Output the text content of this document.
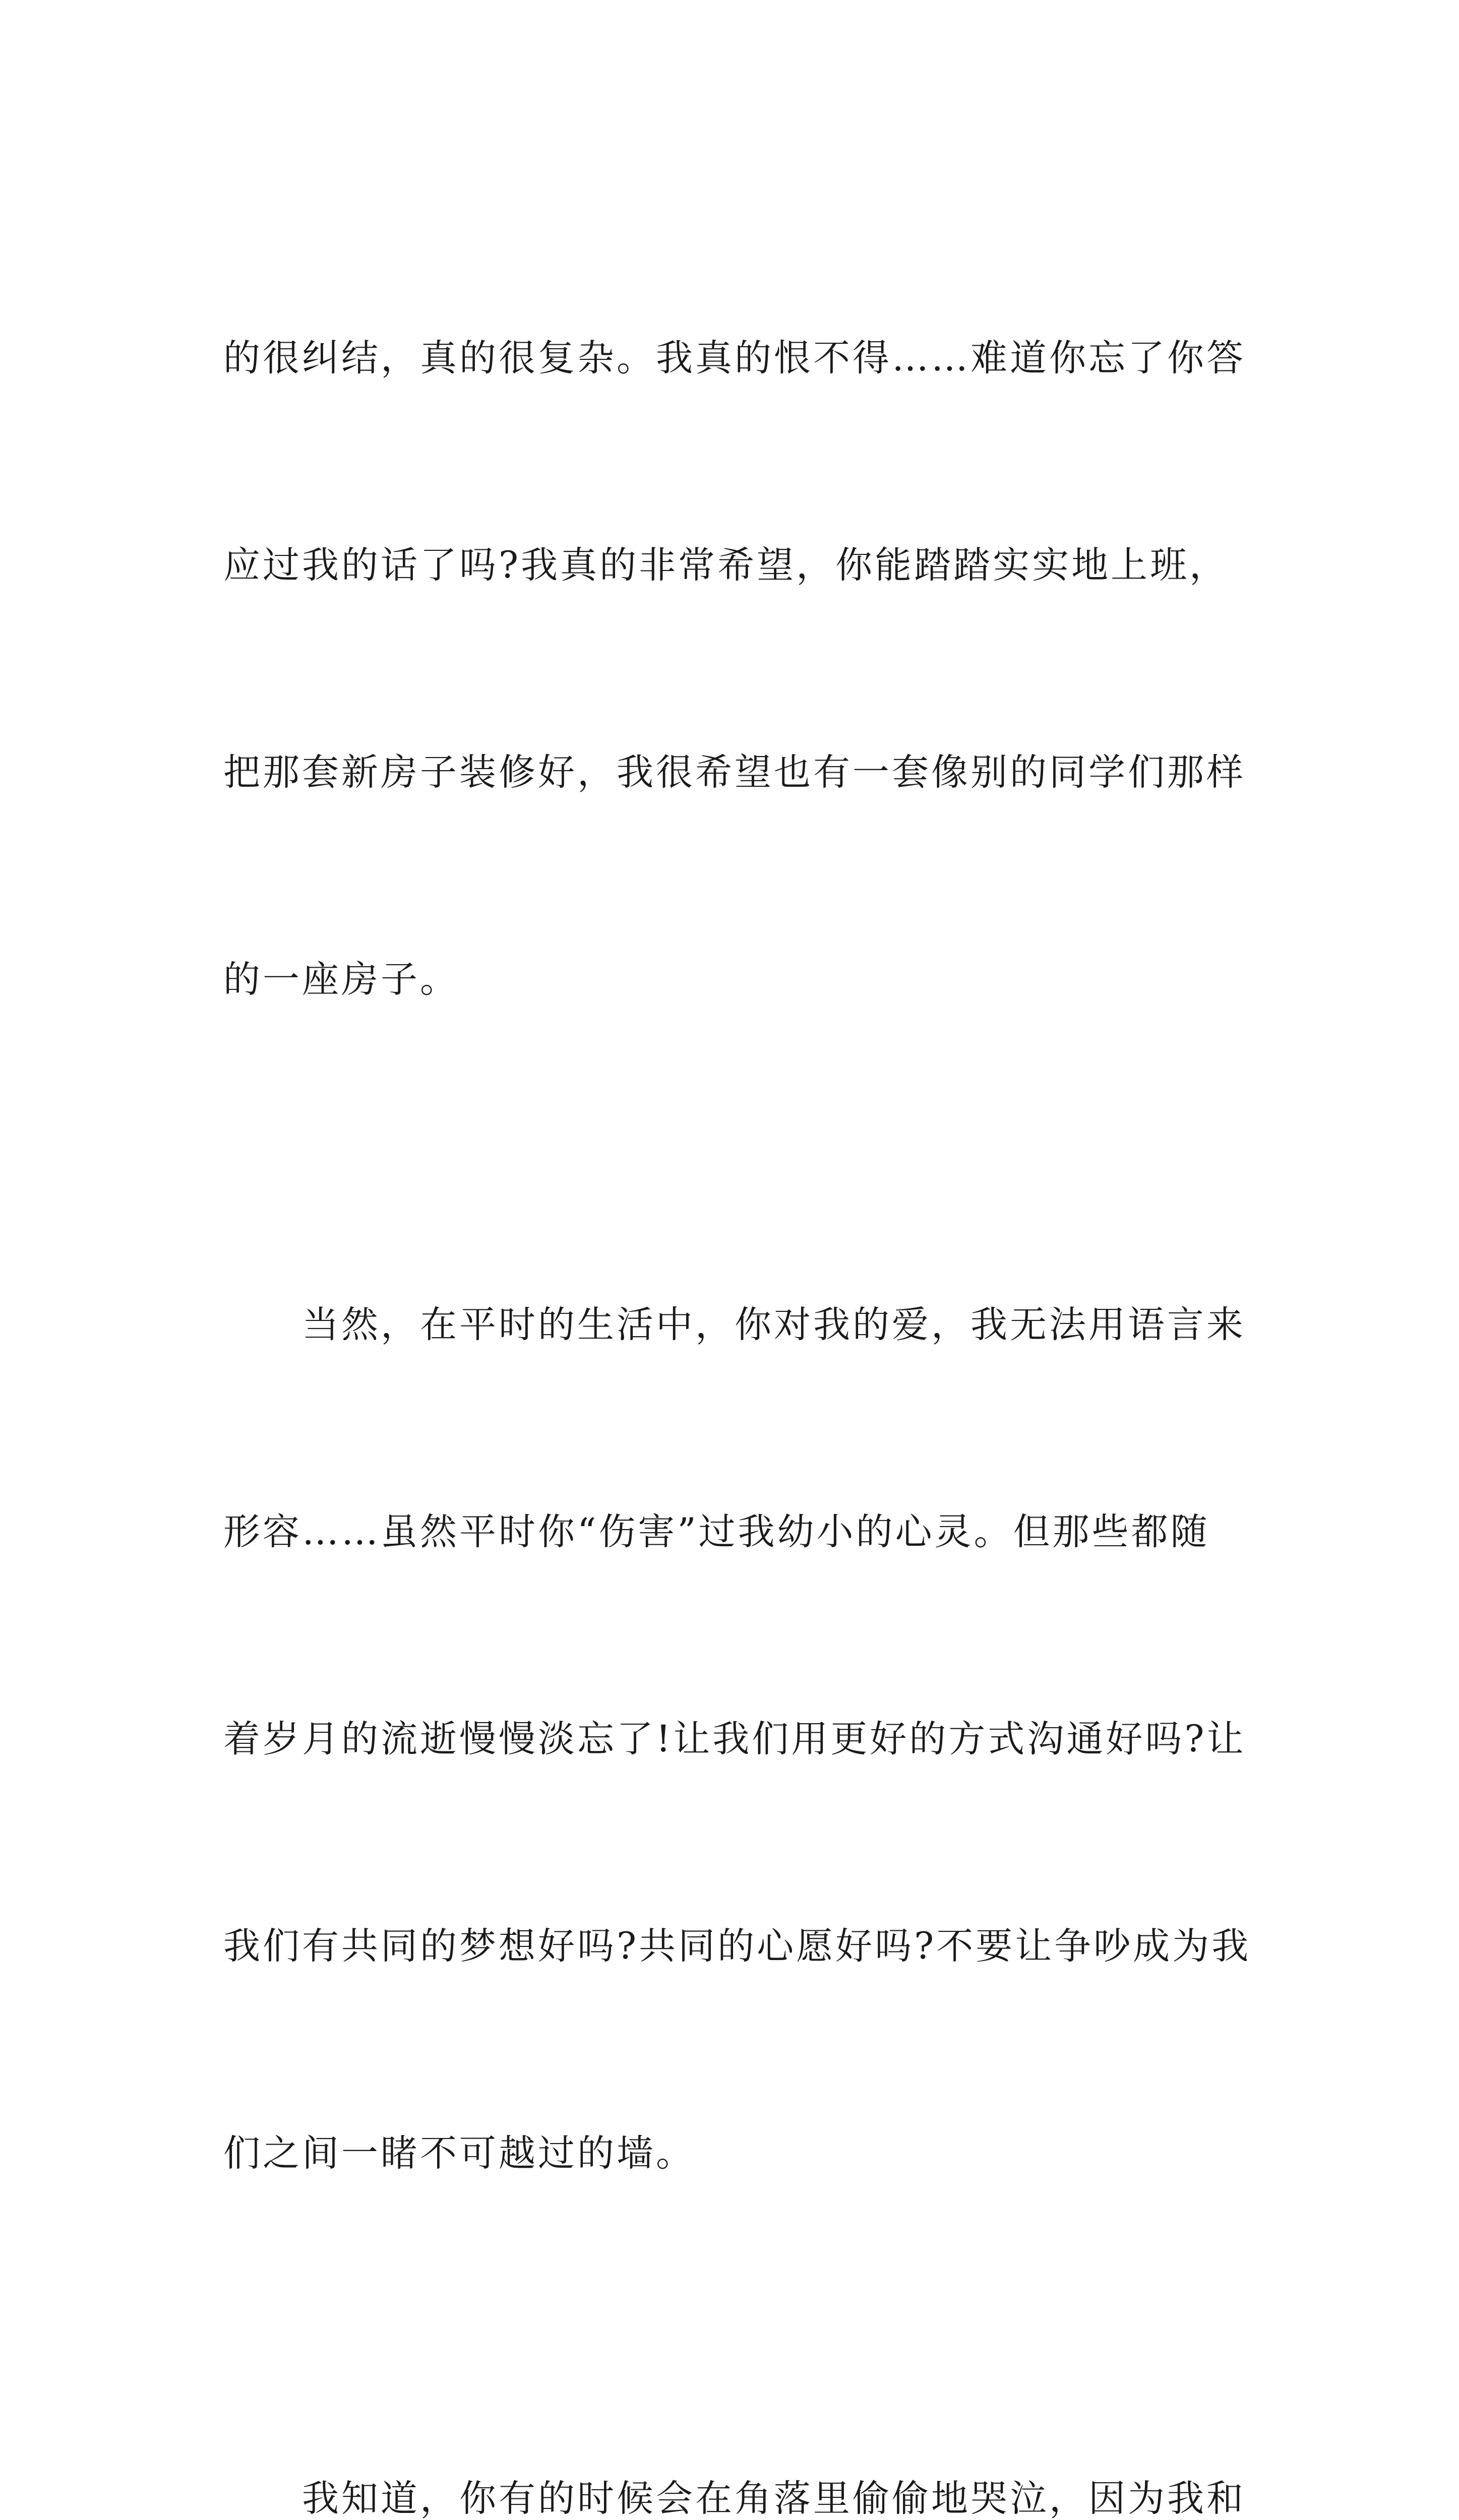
的很纠结，真的很复杂。我真的恨不得……难道你忘了你答

应过我的话了吗?我真的非常希望，你能踏踏实实地上班，

把那套新房子装修好，我很希望也有一套像别的同学们那样

的一座房子。

当然，在平时的生活中，你对我的爱，我无法用语言来

形容……虽然平时你“伤害”过我幼小的心灵。但那些都随

着岁月的流逝慢慢淡忘了!让我们用更好的方式沟通好吗?让

我们有共同的梦想好吗?共同的心愿好吗?不要让争吵成为我

们之间一睹不可越过的墙。

我知道，你有的时候会在角落里偷偷地哭泣，因为我和
